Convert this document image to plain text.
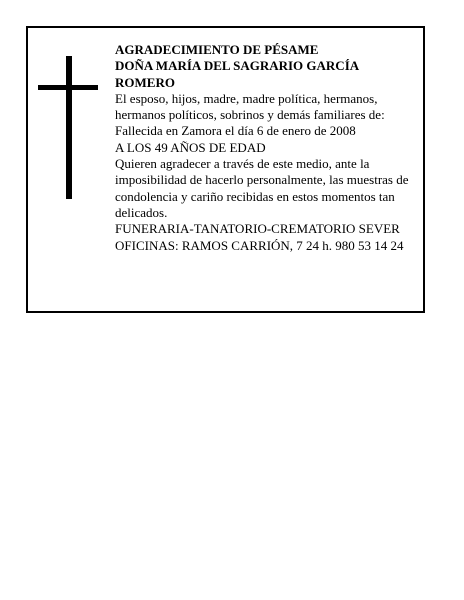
AGRADECIMIENTO DE PÉSAME

DOÑA MARÍA DEL SAGRARIO GARCÍA ROMERO

El esposo, hijos, madre, madre política, hermanos, hermanos políticos, sobrinos y demás familiares de:

Fallecida en Zamora el día 6 de enero de 2008

A LOS 49 AÑOS DE EDAD

Quieren agradecer a través de este medio, ante la imposibilidad de hacerlo personalmente, las muestras de condolencia y cariño recibidas en estos momentos tan delicados.

FUNERARIA-TANATORIO-CREMATORIO SEVER

OFICINAS: RAMOS CARRIÓN, 7 24 h. 980 53 14 24
